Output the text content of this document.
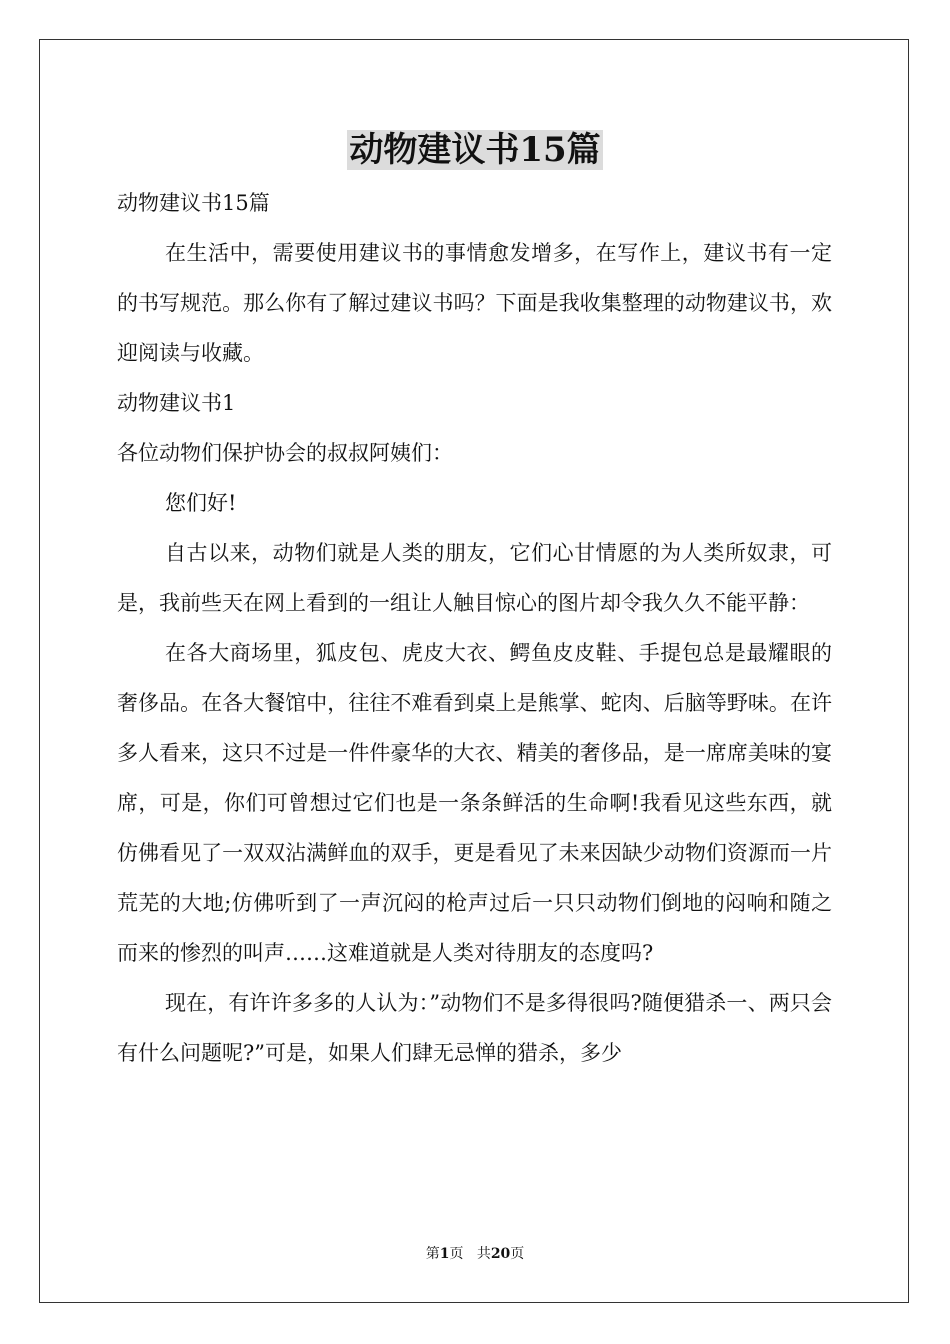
动物建议书15篇

动物建议书15篇

在生活中，需要使用建议书的事情愈发增多，在写作上，建议书有一定的书写规范。那么你有了解过建议书吗？下面是我收集整理的动物建议书，欢迎阅读与收藏。

动物建议书1

各位动物们保护协会的叔叔阿姨们：

您们好!

自古以来，动物们就是人类的朋友，它们心甘情愿的为人类所奴隶，可是，我前些天在网上看到的一组让人触目惊心的图片却令我久久不能平静：

在各大商场里，狐皮包、虎皮大衣、鳄鱼皮皮鞋、手提包总是最耀眼的奢侈品。在各大餐馆中，往往不难看到桌上是熊掌、蛇肉、后脑等野味。在许多人看来，这只不过是一件件豪华的大衣、精美的奢侈品，是一席席美味的宴席，可是，你们可曾想过它们也是一条条鲜活的生命啊!我看见这些东西，就仿佛看见了一双双沾满鲜血的双手，更是看见了未来因缺少动物们资源而一片荒芜的大地;仿佛听到了一声沉闷的枪声过后一只只动物们倒地的闷响和随之而来的惨烈的叫声……这难道就是人类对待朋友的态度吗?

现在，有许许多多的人认为：”动物们不是多得很吗?随便猎杀一、两只会有什么问题呢?”可是，如果人们肆无忌惮的猎杀，多少

第1页 共20页
